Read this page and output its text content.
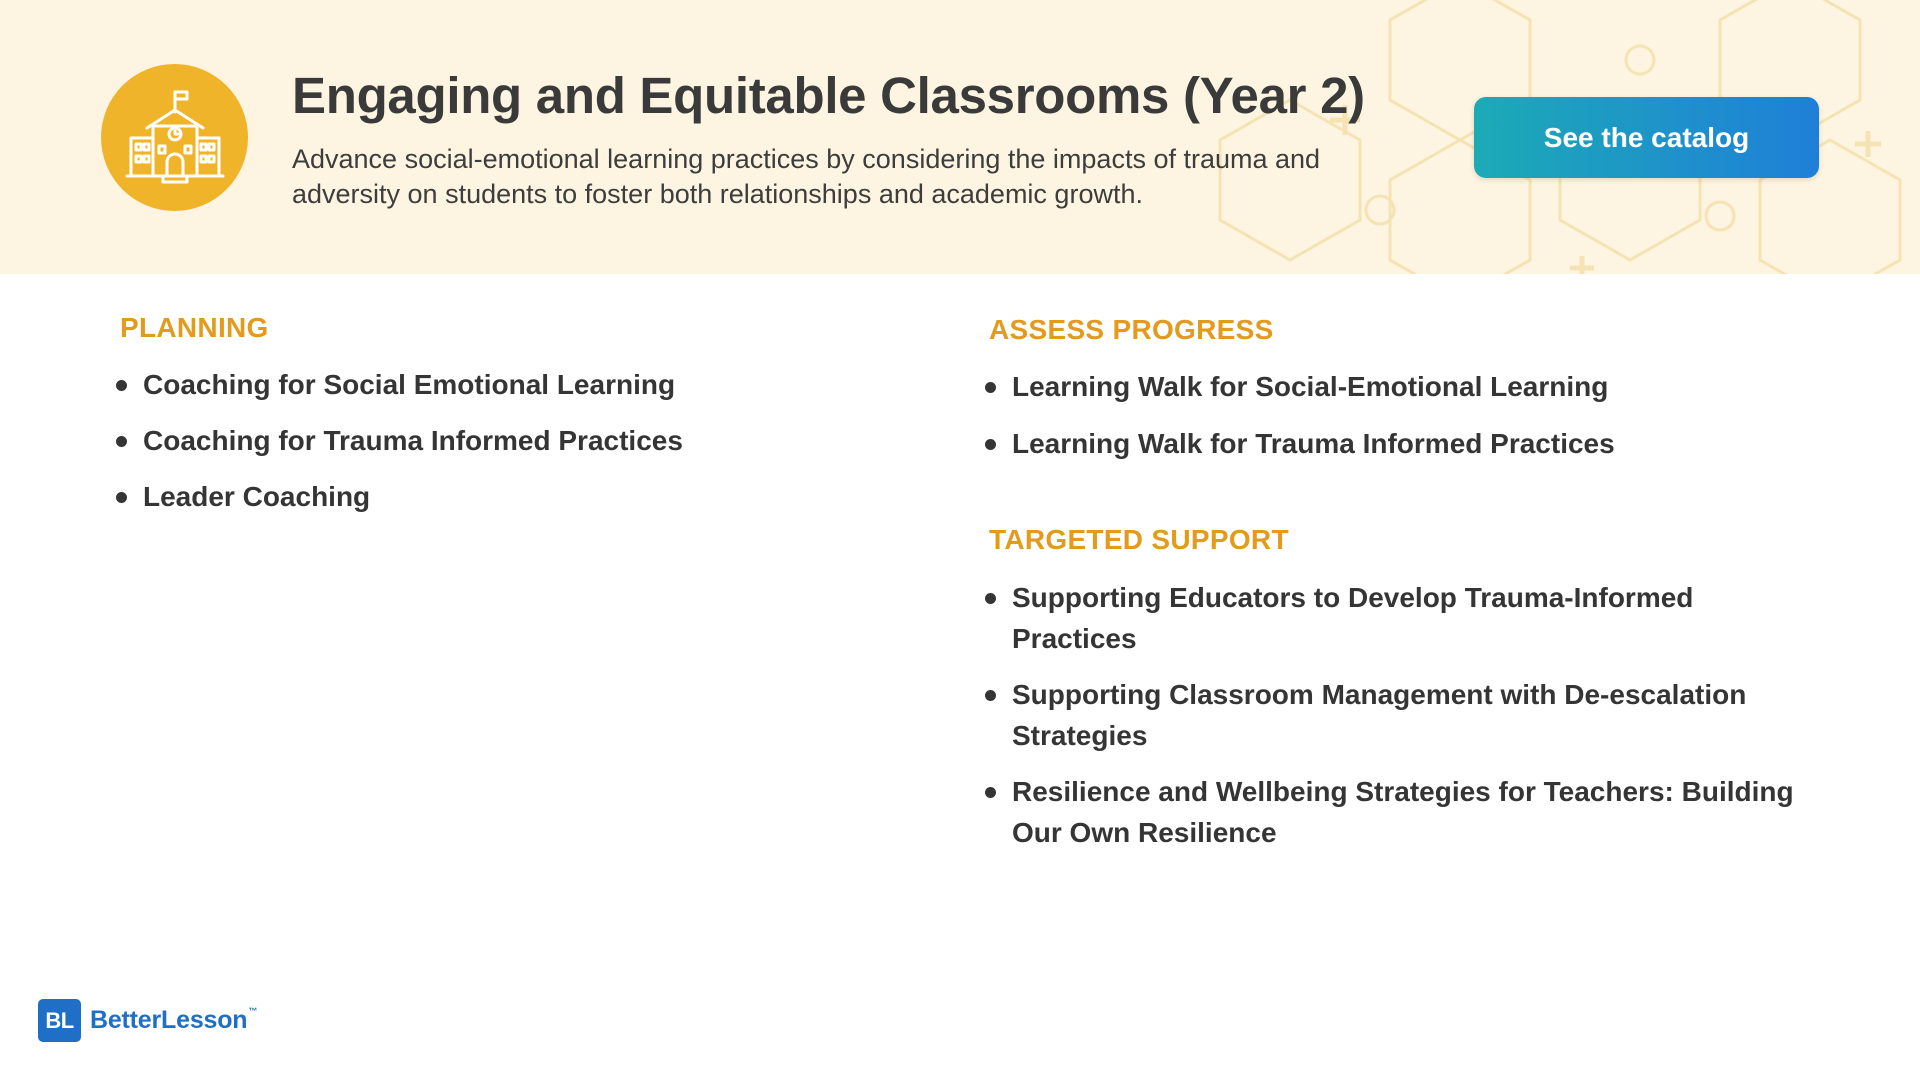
Engaging and Equitable Classrooms (Year 2)
Advance social-emotional learning practices by considering the impacts of trauma and adversity on students to foster both relationships and academic growth.
See the catalog
PLANNING
Coaching for Social Emotional Learning
Coaching for Trauma Informed Practices
Leader Coaching
ASSESS PROGRESS
Learning Walk for Social-Emotional Learning
Learning Walk for Trauma Informed Practices
TARGETED SUPPORT
Supporting Educators to Develop Trauma-Informed Practices
Supporting Classroom Management with De-escalation Strategies
Resilience and Wellbeing Strategies for Teachers: Building Our Own Resilience
BL BetterLesson™
